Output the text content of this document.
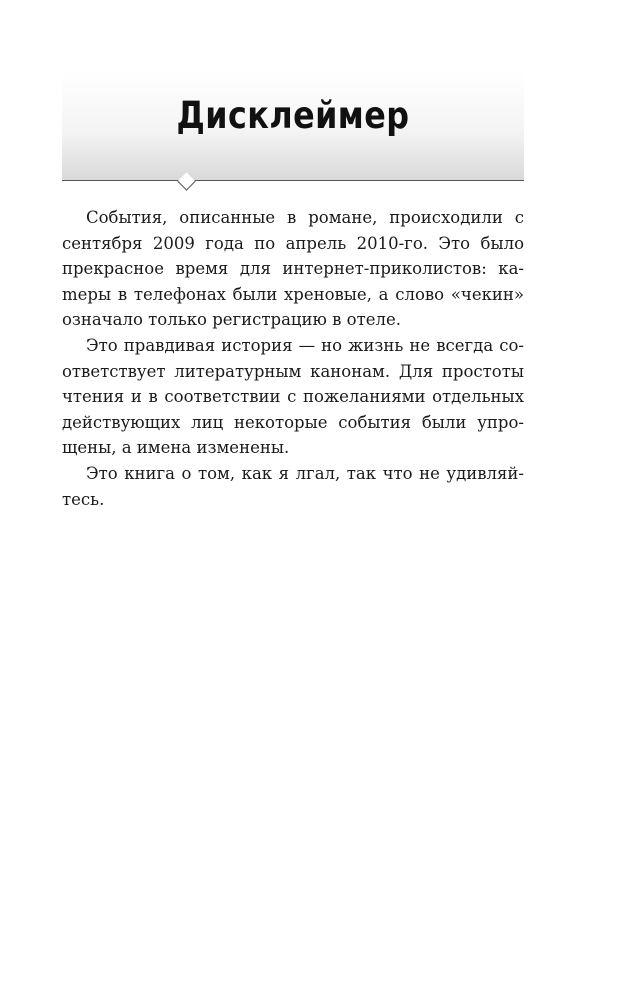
Дисклеймер

События, описанные в романе, происходили с сентября 2009 года по апрель 2010-го. Это было прекрасное время для интернет-приколистов: каmеры в телефонах были хреновые, а слово «чекин» означало только регистрацию в отеле.

Это правдивая история — но жизнь не всегда соответствует литературным канонам. Для простоты чтения и в соответствии с пожеланиями отдельных действующих лиц некоторые события были упрощены, а имена изменены.

Это книга о том, как я лгал, так что не удивляйтесь.
